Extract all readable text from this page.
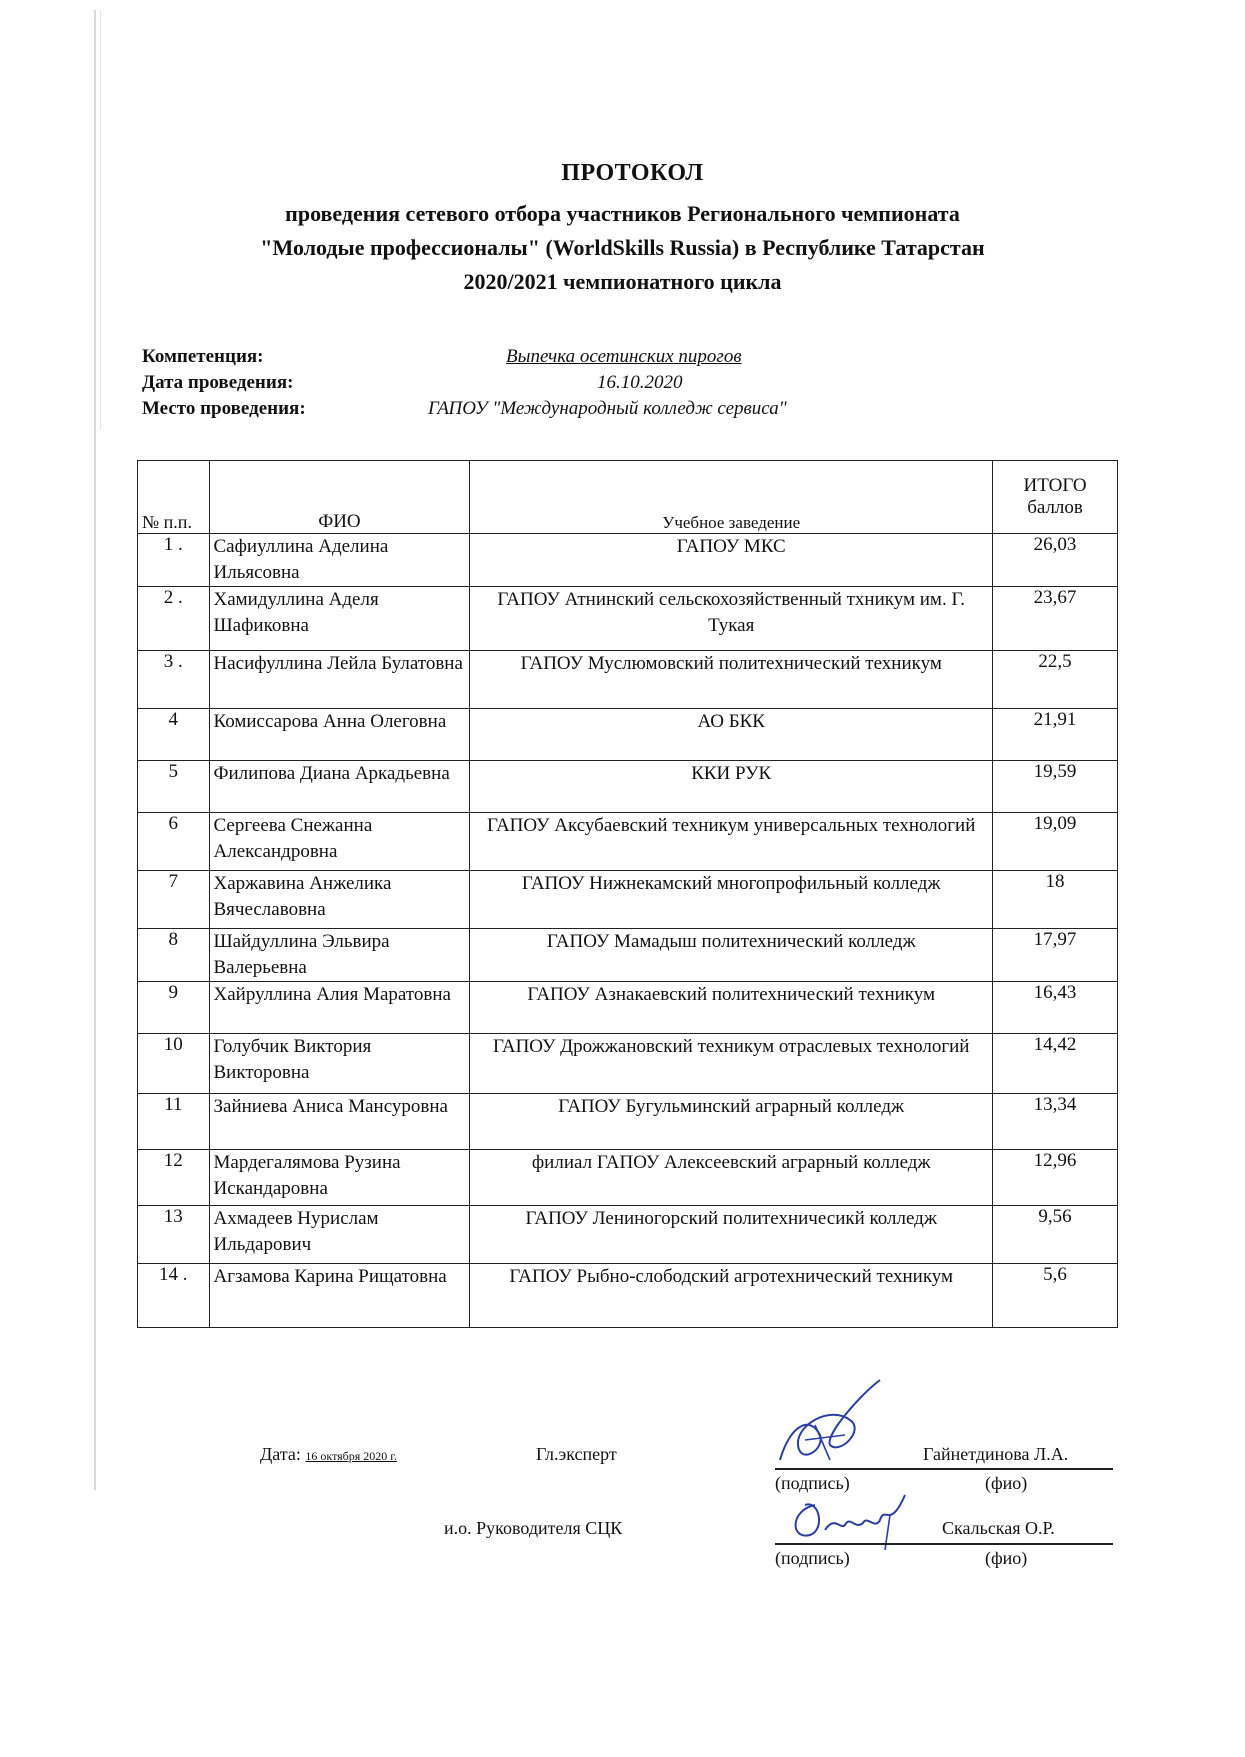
ПРОТОКОЛ
проведения сетевого отбора участников Регионального чемпионата
"Молодые профессионалы" (WorldSkills Russia) в Республике Татарстан
2020/2021 чемпионатного цикла
Компетенция:	Выпечка осетинских пирогов
Дата проведения:	16.10.2020
Место проведения:	ГАПОУ "Международный колледж сервиса"
№ п.п.	ФИО	Учебное заведение	ИТОГО
баллов

1 .	Сафиуллина Аделина Ильясовна	ГАПОУ МКС	26,03
2 .	Хамидуллина Аделя Шафиковна	ГАПОУ Атнинский сельскохозяйственный тхникум им. Г. Тукая	23,67
3 .	Насифуллина Лейла Булатовна	ГАПОУ Муслюмовский политехнический техникум	22,5
4	Комиссарова Анна Олеговна	АО БКК	21,91
5	Филипова Диана Аркадьевна	ККИ РУК	19,59
6	Сергеева Снежанна Александровна	ГАПОУ Аксубаевский техникум универсальных технологий	19,09
7	Харжавина Анжелика Вячеславовна	ГАПОУ Нижнекамский многопрофильный колледж	18
8	Шайдуллина Эльвира Валерьевна	ГАПОУ Мамадыш политехнический колледж	17,97
9	Хайруллина Алия Маратовна	ГАПОУ Азнакаевский политехнический техникум	16,43
10	Голубчик Виктория Викторовна	ГАПОУ Дрожжановский техникум отраслевых технологий	14,42
11	Зайниева Аниса Мансуровна	ГАПОУ Бугульминский аграрный колледж	13,34
12	Мардегалямова Рузина Искандаровна	филиал ГАПОУ Алексеевский аграрный колледж	12,96
13	Ахмадеев Нурислам Ильдарович	ГАПОУ Лениногорский политехничесикй колледж	9,56
14 .	Агзамова Карина Рищатовна	ГАПОУ Рыбно-слободский агротехнический техникум	5,6
Дата: 16 октября 2020 г.	Гл.эксперт	Гайнетдинова Л.А.
(подпись)	(фио)
и.о. Руководителя СЦК	Скальская О.Р.
(подпись)	(фио)
